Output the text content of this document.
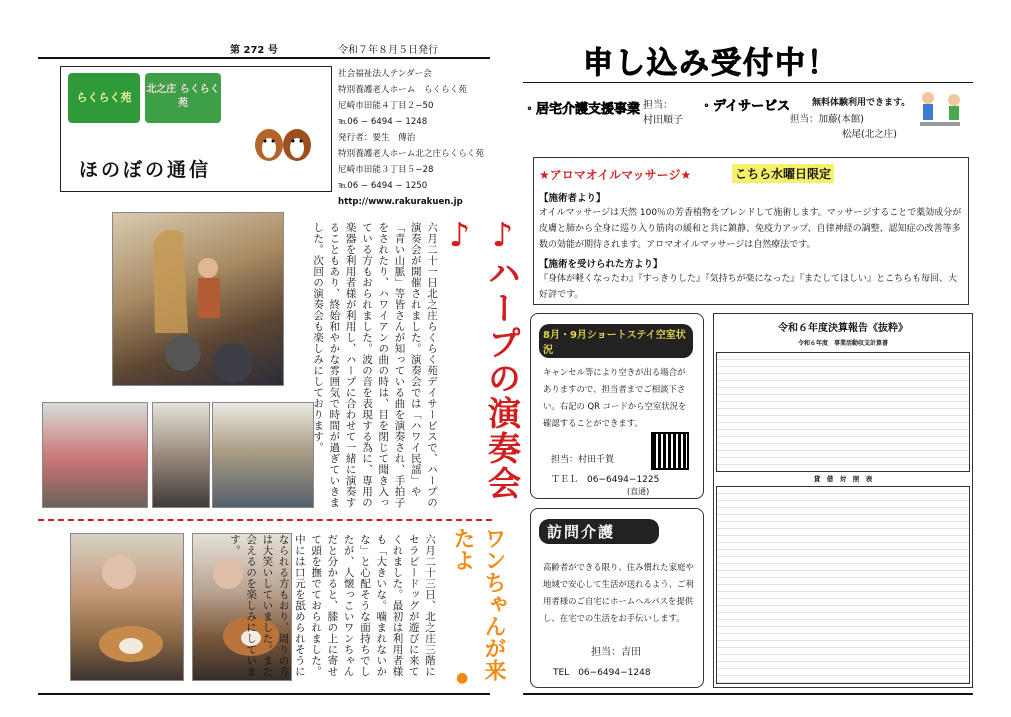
第 272 号	令和７年８月５日発行
らくらく苑
北之庄 らくらく苑
ほのぼの通信
社会福祉法人テンダー会
特別養護老人ホーム　らくらく苑
尼崎市田能４丁目２−50
℡06 − 6494 − 1248
発行者：要生　傳治
特別養護老人ホーム北之庄らくらく苑
尼崎市田能３丁目５−28
℡06 − 6494 − 1250
http://www.rakurakuen.jp
六月二十一日北之庄らくらく苑デイサービスで、ハープの演奏会が開催されました。演奏会では「ハワイ民謡」や「青い山脈」等皆さんが知っている曲を演奏され、手拍子をされたり、ハワイアンの曲の時は、目を閉じて聞き入っている方もおられました。波の音を表現する為に、専用の楽器を利用者様が利用し、ハープに合わせて一緒に演奏することもあり、終始和やかな雰囲気で時間が過ぎていきました。次回の演奏会も楽しみにしております。	♪ハープの演奏会♪
六月二十三日、北之庄三階にセラピードッグが遊びに来てくれました。最初は利用者様も「大きいな。噛まれないかな」と心配そうな面持ちでしたが、人懐っこいワンちゃんだと分かると、膝の上に寄せて頭を撫でておられました。中には口元を舐められそうになられる方もおり、周りの方は大笑いしていました。また会えるのを楽しみにしています。	ワンちゃんが来たよ
●
申し込み受付中！
・居宅介護支援事業 担当：
村田順子
・デイサービス 無料体験利用できます。
担当：加藤(本館)
松尾(北之庄)
★アロマオイルマッサージ★	こちら水曜日限定
【施術者より】
オイルマッサージは天然 100％の芳香植物をブレンドして施術します。マッサージすることで薬効成分が皮膚と肺から全身に巡り入り筋肉の緩和と共に鎮静、免疫力アップ、自律神経の調整、認知症の改善等多数の効能が期待されます。アロマオイルマッサージは自然療法です。
【施術を受けられた方より】
『身体が軽くなったわ』『すっきりした』『気持ちが楽になった』『またしてほしい』とこちらも毎回、大好評です。
8月・9月ショートステイ空室状況
キャンセル等により空きが出る場合がありますので、担当者までご相談下さい。右記の QR コードから空室状況を確認することができます。
担当：村田千賀
ＴＥＬ　06−6494−1225
(直通)
訪問介護
高齢者ができる限り、住み慣れた家庭や地域で安心して生活が送れるよう、ご利用者様のご自宅にホームヘルパスを提供し、在宅での生活をお手伝いします。
担当：吉田
TEL　06−6494−1248
令和６年度決算報告《抜粋》
令和６年度　事業活動収支計算書
貸　借　対　照　表
